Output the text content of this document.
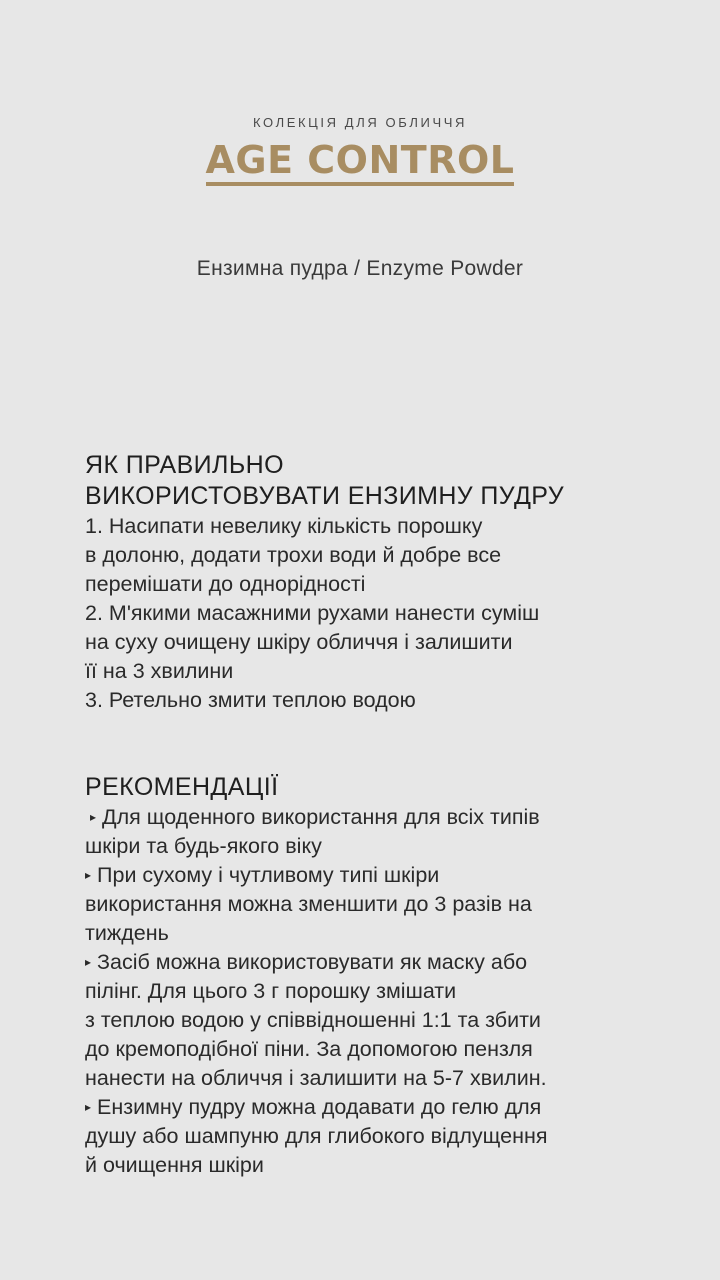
КОЛЕКЦІЯ ДЛЯ ОБЛИЧЧЯ
AGE CONTROL
Ензимна пудра / Enzyme Powder
ЯК ПРАВИЛЬНО
ВИКОРИСТОВУВАТИ ЕНЗИМНУ ПУДРУ
1. Насипати невелику кількість порошку
в долоню, додати трохи води й добре все
перемішати до однорідності
2. М'якими масажними рухами нанести суміш
на суху очищену шкіру обличчя і залишити
її на 3 хвилини
3. Ретельно змити теплою водою
РЕКОМЕНДАЦІЇ
▸ Для щоденного використання для всіх типів
шкіри та будь-якого віку
▸ При сухому і чутливому типі шкіри
використання можна зменшити до 3 разів на
тиждень
▸ Засіб можна використовувати як маску або
пілінг. Для цього 3 г порошку змішати
з теплою водою у співвідношенні 1:1 та збити
до кремоподібної піни. За допомогою пензля
нанести на обличчя і залишити на 5-7 хвилин.
▸ Ензимну пудру можна додавати до гелю для
душу або шампуню для глибокого відлущення
й очищення шкіри
